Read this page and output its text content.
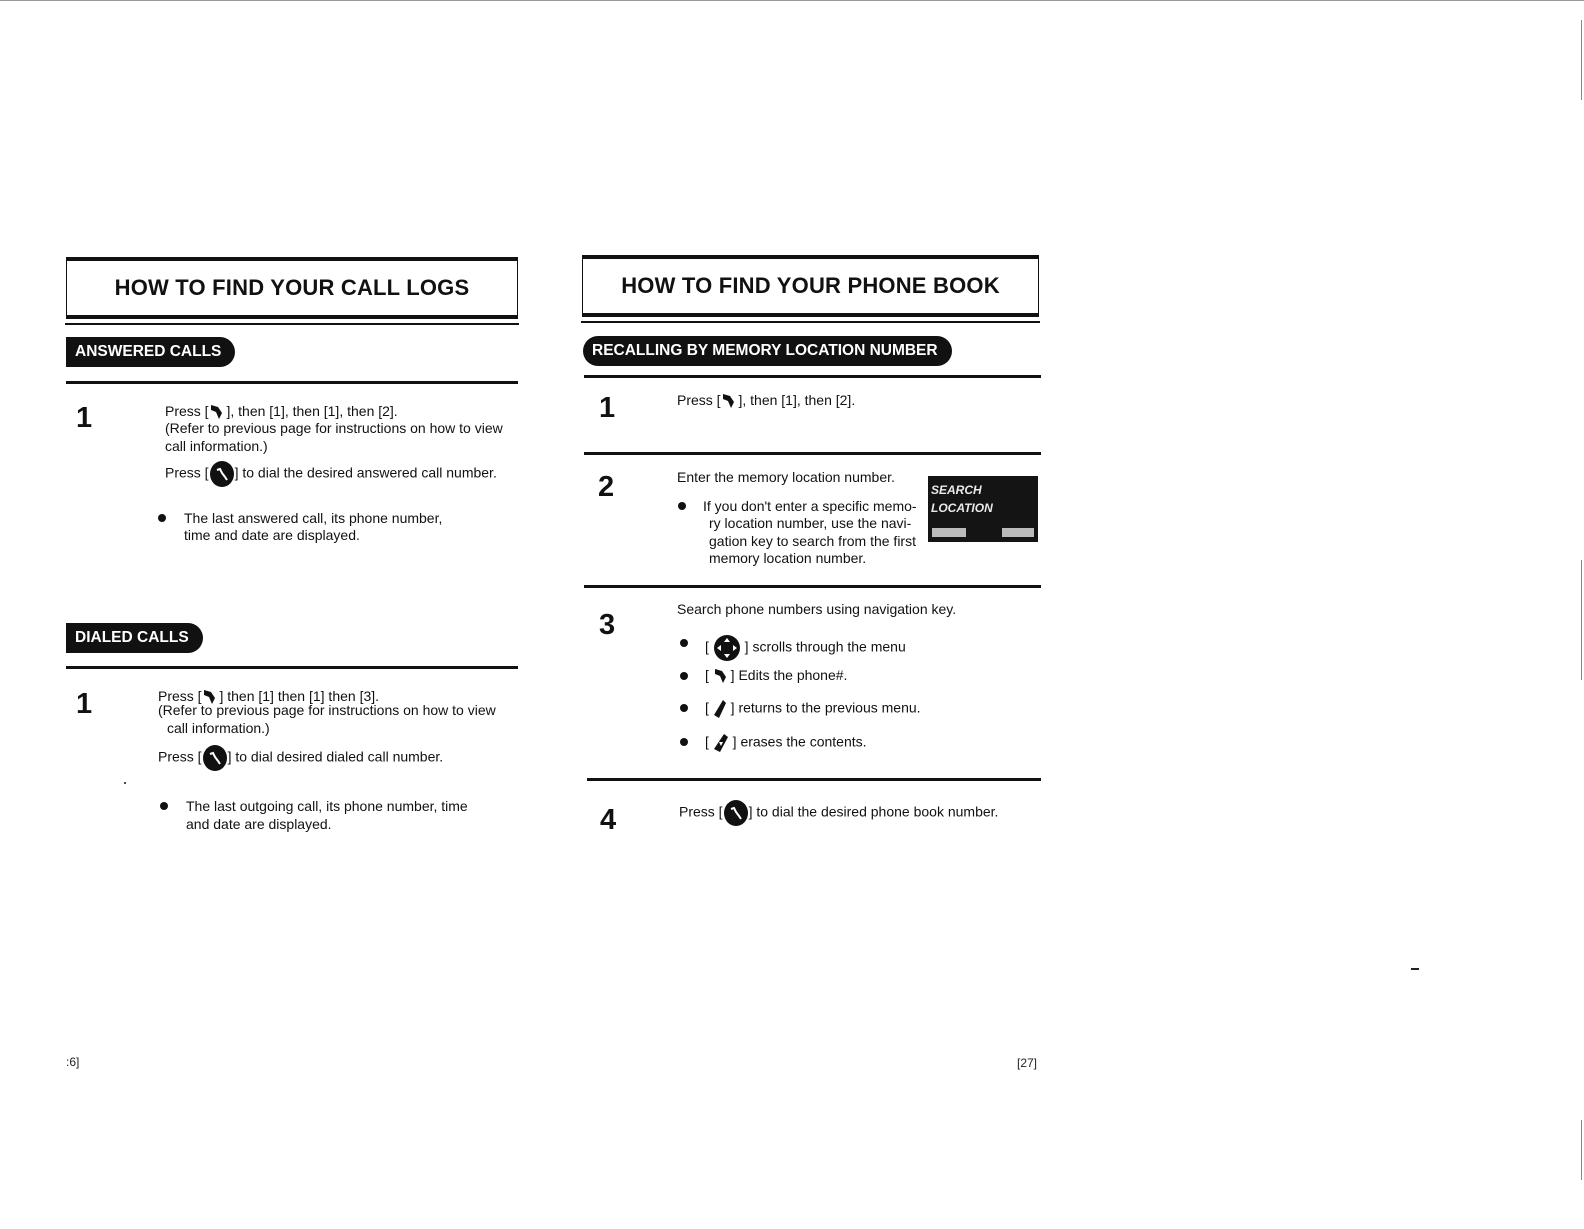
HOW TO FIND YOUR CALL LOGS
ANSWERED CALLS
1	Press [ ], then [1], then [1], then [2].
(Refer to previous page for instructions on how to view
call information.)
Press [ ] to dial the desired answered call number.
The last answered call, its phone number,
time and date are displayed.
DIALED CALLS
1	Press [ ] then [1] then [1] then [3].
(Refer to previous page for instructions on how to view
call information.)
Press [ ] to dial desired dialed call number.
The last outgoing call, its phone number, time
and date are displayed.
:6]
HOW TO FIND YOUR PHONE BOOK
RECALLING BY MEMORY LOCATION NUMBER
1	Press [ ], then [1], then [2].
2	Enter the memory location number.
If you don't enter a specific memo-
ry location number, use the navi-
gation key to search from the first
memory location number.
SEARCH
LOCATION
3	Search phone numbers using navigation key.
[  ] scrolls through the menu
[  ] Edits the phone#.
[  ] returns to the previous menu.
[  ] erases the contents.
4	Press [ ] to dial the desired phone book number.
[27]
